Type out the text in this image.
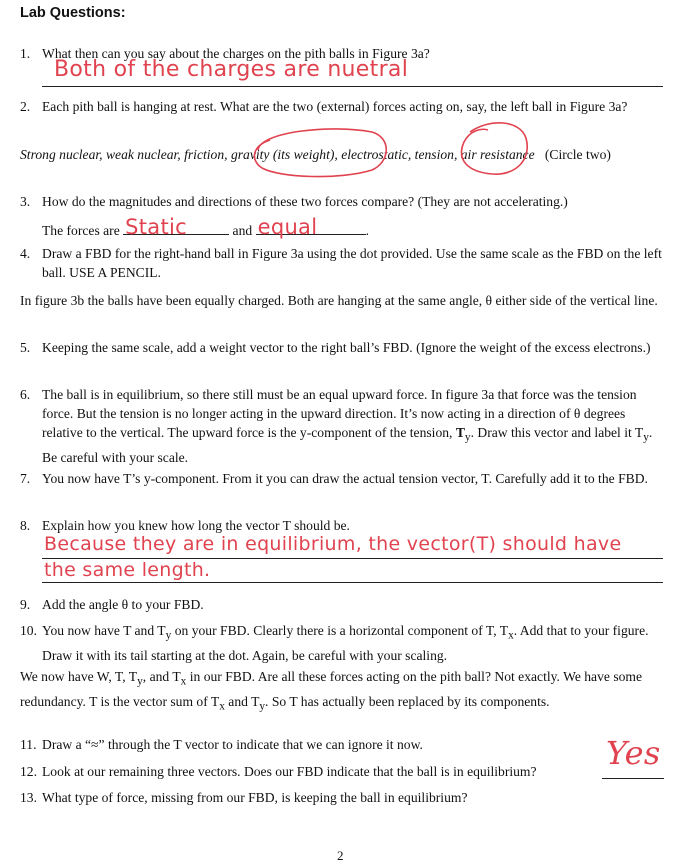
Lab Questions:
1. What then can you say about the charges on the pith balls in Figure 3a?
Both of the charges are nuetral
2. Each pith ball is hanging at rest. What are the two (external) forces acting on, say, the left ball in Figure 3a?
Strong nuclear, weak nuclear, friction, gravity (its weight), electrostatic, tension, air resistance (Circle two)
3. How do the magnitudes and directions of these two forces compare? (They are not accelerating.)
The forces are Static	and equal	.
4. Draw a FBD for the right-hand ball in Figure 3a using the dot provided. Use the same scale as the FBD on the left ball. USE A PENCIL.
In figure 3b the balls have been equally charged. Both are hanging at the same angle, θ either side of the vertical line.
5. Keeping the same scale, add a weight vector to the right ball’s FBD. (Ignore the weight of the excess electrons.)
6. The ball is in equilibrium, so there still must be an equal upward force. In figure 3a that force was the tension force. But the tension is no longer acting in the upward direction. It’s now acting in a direction of θ degrees relative to the vertical. The upward force is the y-component of the tension, $T_y$. Draw this vector and label it $T_y$. Be careful with your scale.
7. You now have T’s y-component. From it you can draw the actual tension vector, T. Carefully add it to the FBD.
8. Explain how you knew how long the vector T should be.
Because they are in equilibrium, the vector(T) should have
the same length.
9. Add the angle θ to your FBD.
10. You now have T and $T_y$ on your FBD. Clearly there is a horizontal component of T, $T_x$. Add that to your figure. Draw it with its tail starting at the dot. Again, be careful with your scaling.
We now have W, T, $T_y$, and $T_x$ in our FBD. Are all these forces acting on the pith ball? Not exactly. We have some redundancy. T is the vector sum of $T_x$ and $T_y$. So T has actually been replaced by its components.
11. Draw a “≈” through the T vector to indicate that we can ignore it now.
12. Look at our remaining three vectors. Does our FBD indicate that the ball is in equilibrium?	Yes
13. What type of force, missing from our FBD, is keeping the ball in equilibrium?
2
